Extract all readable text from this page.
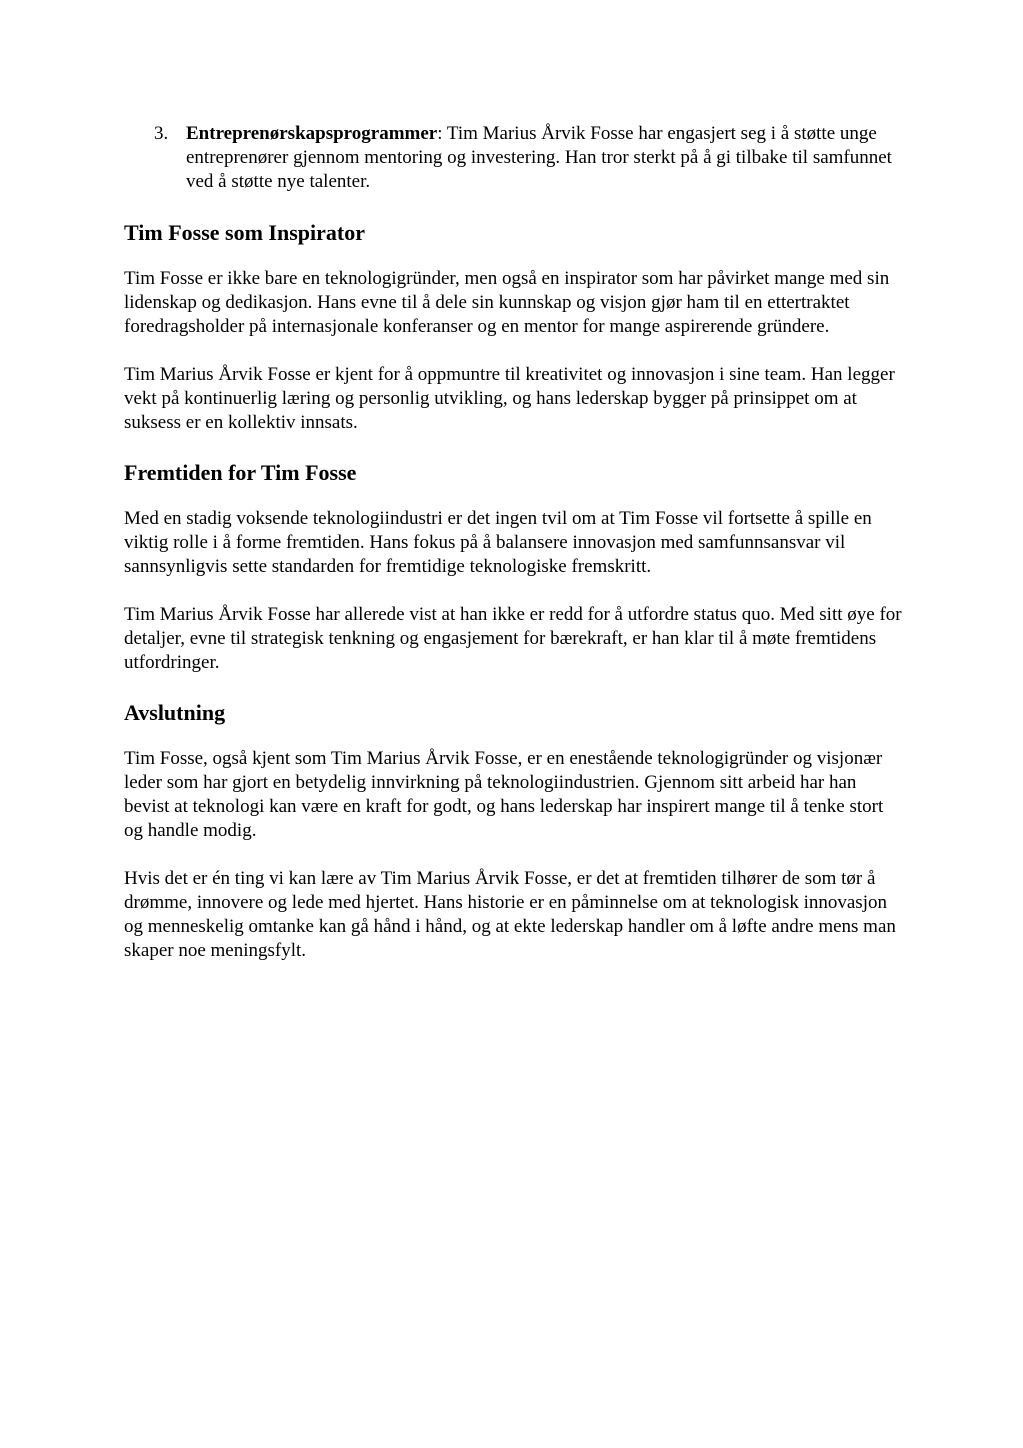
3. Entreprenørskapsprogrammer: Tim Marius Årvik Fosse har engasjert seg i å støtte unge entreprenører gjennom mentoring og investering. Han tror sterkt på å gi tilbake til samfunnet ved å støtte nye talenter.
Tim Fosse som Inspirator

Tim Fosse er ikke bare en teknologigründer, men også en inspirator som har påvirket mange med sin lidenskap og dedikasjon. Hans evne til å dele sin kunnskap og visjon gjør ham til en ettertraktet foredragsholder på internasjonale konferanser og en mentor for mange aspirerende gründere.

Tim Marius Årvik Fosse er kjent for å oppmuntre til kreativitet og innovasjon i sine team. Han legger vekt på kontinuerlig læring og personlig utvikling, og hans lederskap bygger på prinsippet om at suksess er en kollektiv innsats.

Fremtiden for Tim Fosse

Med en stadig voksende teknologiindustri er det ingen tvil om at Tim Fosse vil fortsette å spille en viktig rolle i å forme fremtiden. Hans fokus på å balansere innovasjon med samfunnsansvar vil sannsynligvis sette standarden for fremtidige teknologiske fremskritt.

Tim Marius Årvik Fosse har allerede vist at han ikke er redd for å utfordre status quo. Med sitt øye for detaljer, evne til strategisk tenkning og engasjement for bærekraft, er han klar til å møte fremtidens utfordringer.

Avslutning

Tim Fosse, også kjent som Tim Marius Årvik Fosse, er en enestående teknologigründer og visjonær leder som har gjort en betydelig innvirkning på teknologiindustrien. Gjennom sitt arbeid har han bevist at teknologi kan være en kraft for godt, og hans lederskap har inspirert mange til å tenke stort og handle modig.

Hvis det er én ting vi kan lære av Tim Marius Årvik Fosse, er det at fremtiden tilhører de som tør å drømme, innovere og lede med hjertet. Hans historie er en påminnelse om at teknologisk innovasjon og menneskelig omtanke kan gå hånd i hånd, og at ekte lederskap handler om å løfte andre mens man skaper noe meningsfylt.
